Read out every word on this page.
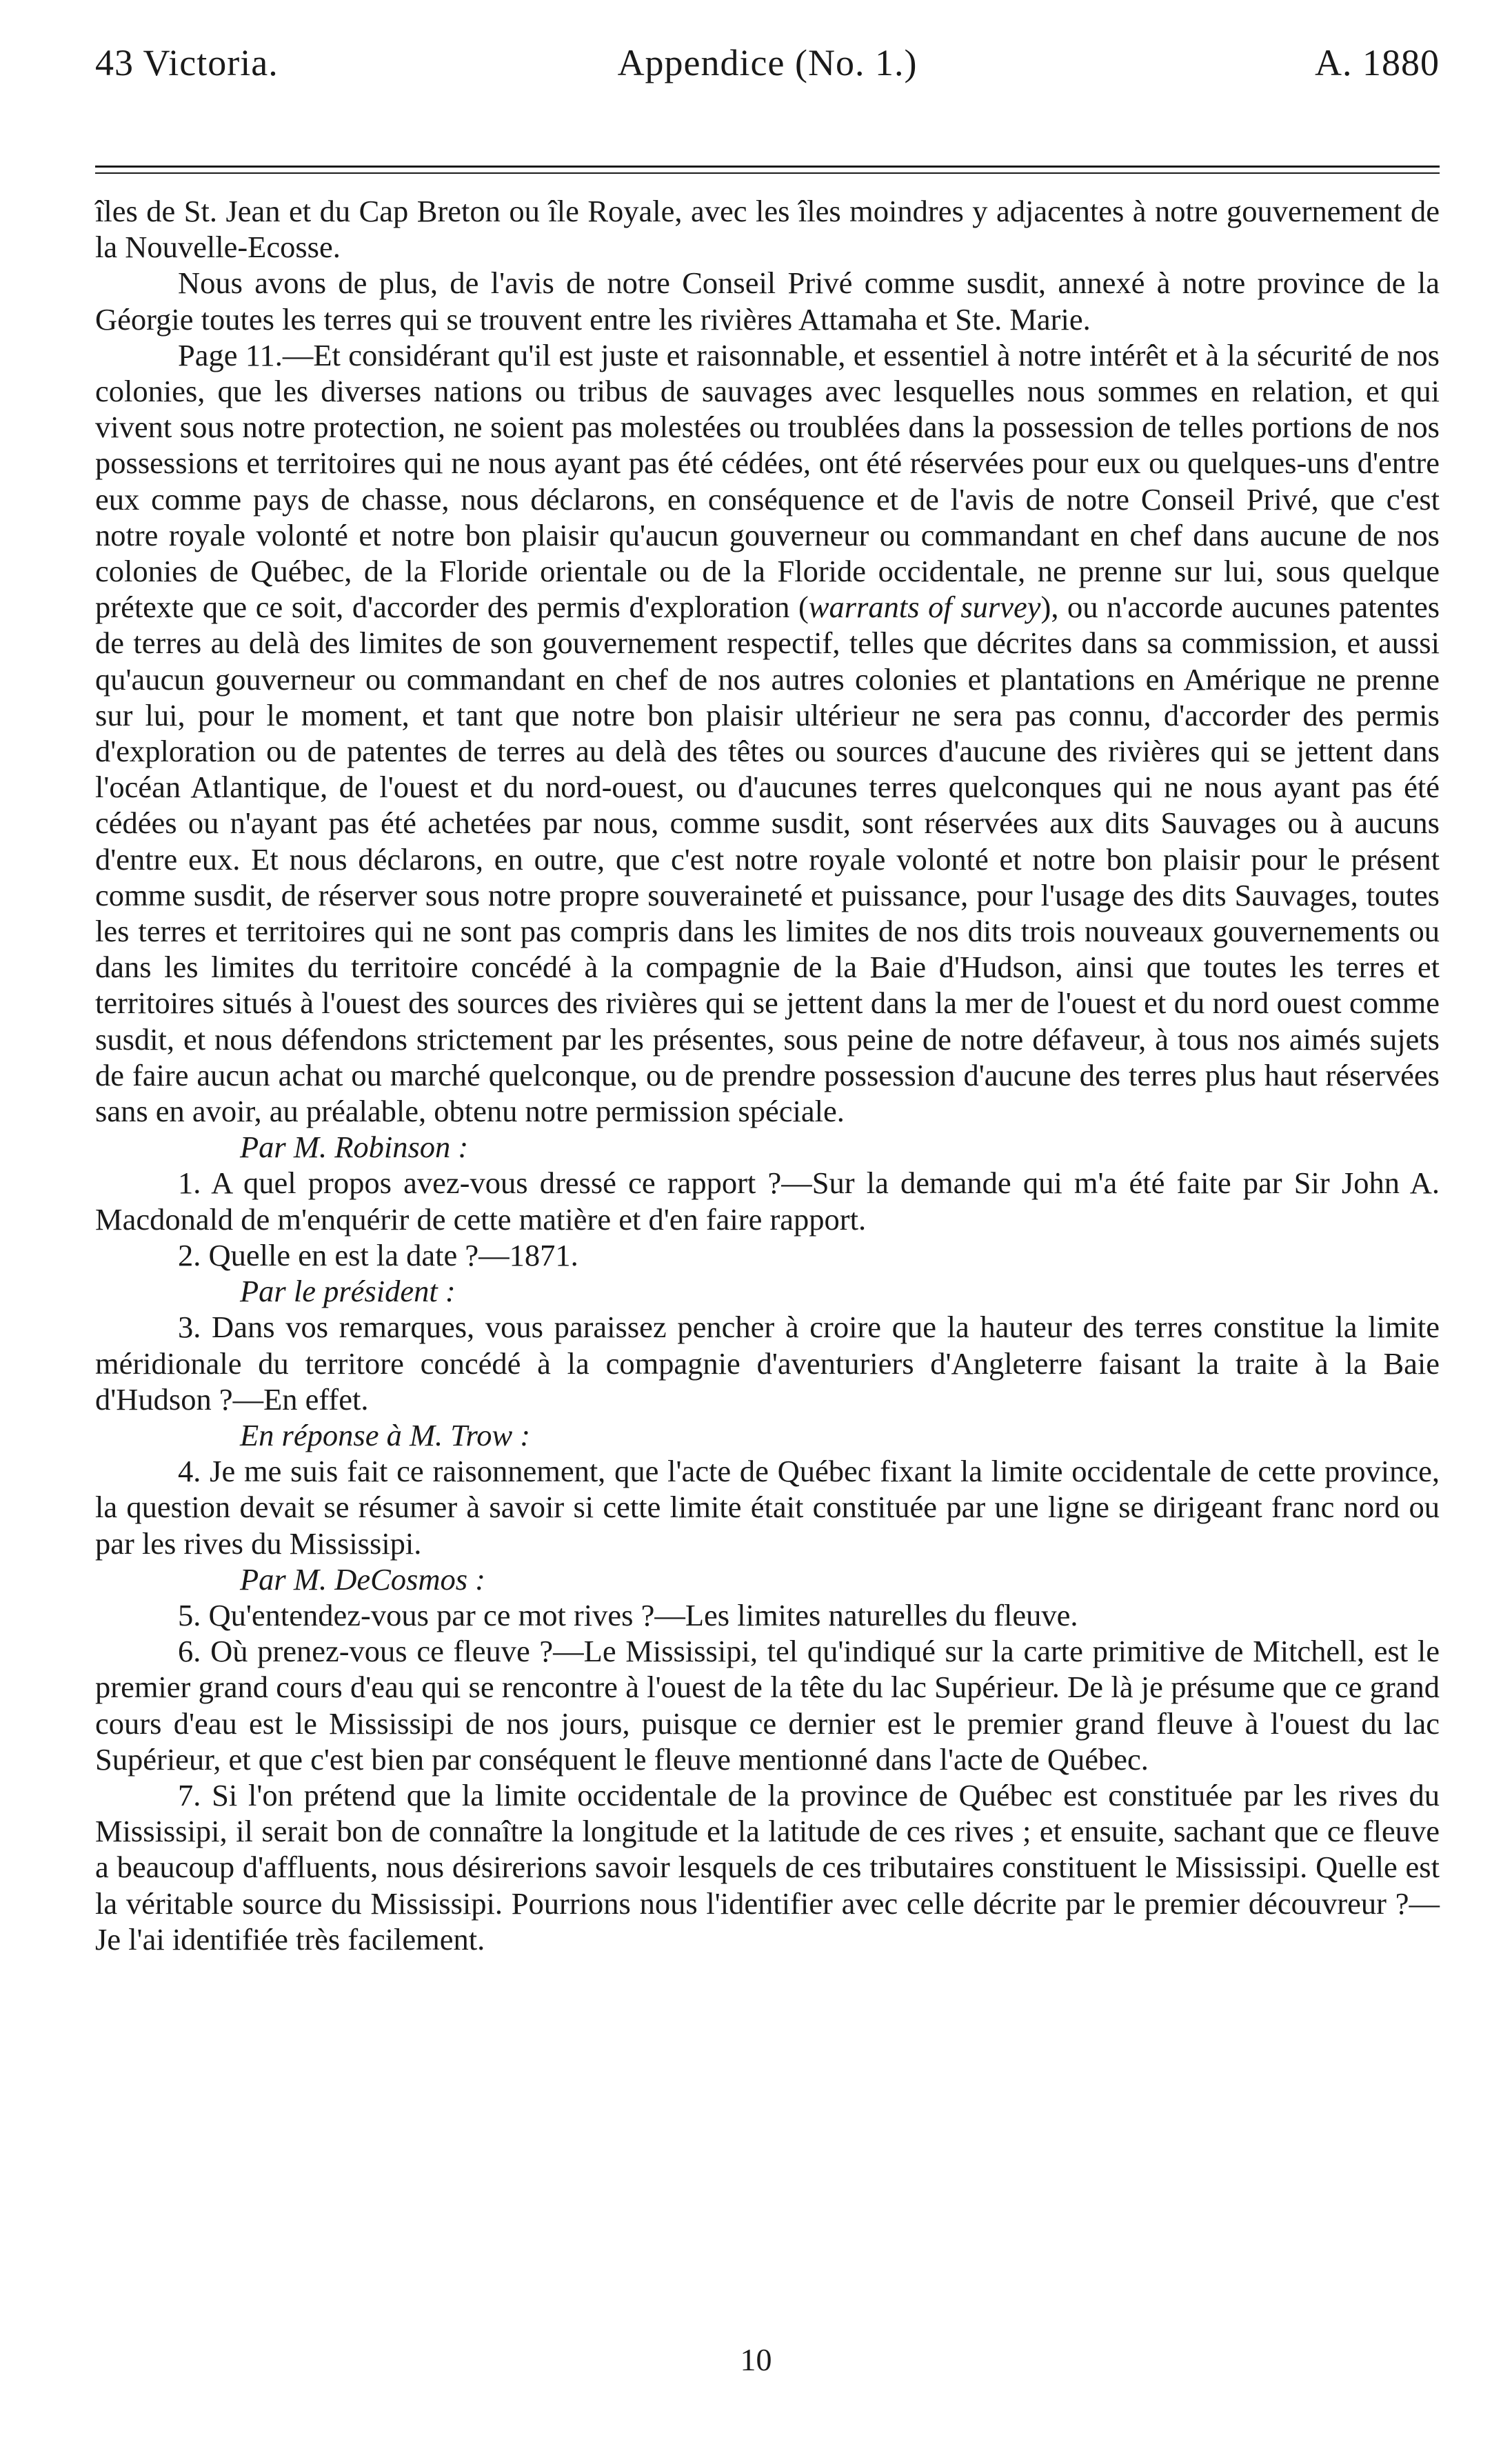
43 Victoria.	Appendice (No. 1.)	A. 1880

îles de St. Jean et du Cap Breton ou île Royale, avec les îles moindres y adjacentes à notre gouvernement de la Nouvelle-Ecosse.

Nous avons de plus, de l'avis de notre Conseil Privé comme susdit, annexé à notre province de la Géorgie toutes les terres qui se trouvent entre les rivières Attamaha et Ste. Marie.

Page 11.—Et considérant qu'il est juste et raisonnable, et essentiel à notre intérêt et à la sécurité de nos colonies, que les diverses nations ou tribus de sauvages avec lesquelles nous sommes en relation, et qui vivent sous notre protection, ne soient pas molestées ou troublées dans la possession de telles portions de nos possessions et territoires qui ne nous ayant pas été cédées, ont été réservées pour eux ou quelques-uns d'entre eux comme pays de chasse, nous déclarons, en conséquence et de l'avis de notre Conseil Privé, que c'est notre royale volonté et notre bon plaisir qu'aucun gouverneur ou commandant en chef dans aucune de nos colonies de Québec, de la Floride orientale ou de la Floride occidentale, ne prenne sur lui, sous quelque prétexte que ce soit, d'accorder des permis d'exploration (warrants of survey), ou n'accorde aucunes patentes de terres au delà des limites de son gouvernement respectif, telles que décrites dans sa commission, et aussi qu'aucun gouverneur ou commandant en chef de nos autres colonies et plantations en Amérique ne prenne sur lui, pour le moment, et tant que notre bon plaisir ultérieur ne sera pas connu, d'accorder des permis d'exploration ou de patentes de terres au delà des têtes ou sources d'aucune des rivières qui se jettent dans l'océan Atlantique, de l'ouest et du nord-ouest, ou d'aucunes terres quelconques qui ne nous ayant pas été cédées ou n'ayant pas été achetées par nous, comme susdit, sont réservées aux dits Sauvages ou à aucuns d'entre eux. Et nous déclarons, en outre, que c'est notre royale volonté et notre bon plaisir pour le présent comme susdit, de réserver sous notre propre souveraineté et puissance, pour l'usage des dits Sauvages, toutes les terres et territoires qui ne sont pas compris dans les limites de nos dits trois nouveaux gouvernements ou dans les limites du territoire concédé à la compagnie de la Baie d'Hudson, ainsi que toutes les terres et territoires situés à l'ouest des sources des rivières qui se jettent dans la mer de l'ouest et du nord ouest comme susdit, et nous défendons strictement par les présentes, sous peine de notre défaveur, à tous nos aimés sujets de faire aucun achat ou marché quelconque, ou de prendre possession d'aucune des terres plus haut réservées sans en avoir, au préalable, obtenu notre permission spéciale.

Par M. Robinson :

1. A quel propos avez-vous dressé ce rapport ?—Sur la demande qui m'a été faite par Sir John A. Macdonald de m'enquérir de cette matière et d'en faire rapport.

2. Quelle en est la date ?—1871.

Par le président :

3. Dans vos remarques, vous paraissez pencher à croire que la hauteur des terres constitue la limite méridionale du territore concédé à la compagnie d'aventuriers d'Angleterre faisant la traite à la Baie d'Hudson ?—En effet.

En réponse à M. Trow :

4. Je me suis fait ce raisonnement, que l'acte de Québec fixant la limite occidentale de cette province, la question devait se résumer à savoir si cette limite était constituée par une ligne se dirigeant franc nord ou par les rives du Mississipi.

Par M. DeCosmos :

5. Qu'entendez-vous par ce mot rives ?—Les limites naturelles du fleuve.

6. Où prenez-vous ce fleuve ?—Le Mississipi, tel qu'indiqué sur la carte primitive de Mitchell, est le premier grand cours d'eau qui se rencontre à l'ouest de la tête du lac Supérieur. De là je présume que ce grand cours d'eau est le Mississipi de nos jours, puisque ce dernier est le premier grand fleuve à l'ouest du lac Supérieur, et que c'est bien par conséquent le fleuve mentionné dans l'acte de Québec.

7. Si l'on prétend que la limite occidentale de la province de Québec est constituée par les rives du Mississipi, il serait bon de connaître la longitude et la latitude de ces rives ; et ensuite, sachant que ce fleuve a beaucoup d'affluents, nous désirerions savoir lesquels de ces tributaires constituent le Mississipi. Quelle est la véritable source du Mississipi. Pourrions nous l'identifier avec celle décrite par le premier découvreur ?—Je l'ai identifiée très facilement.

10
